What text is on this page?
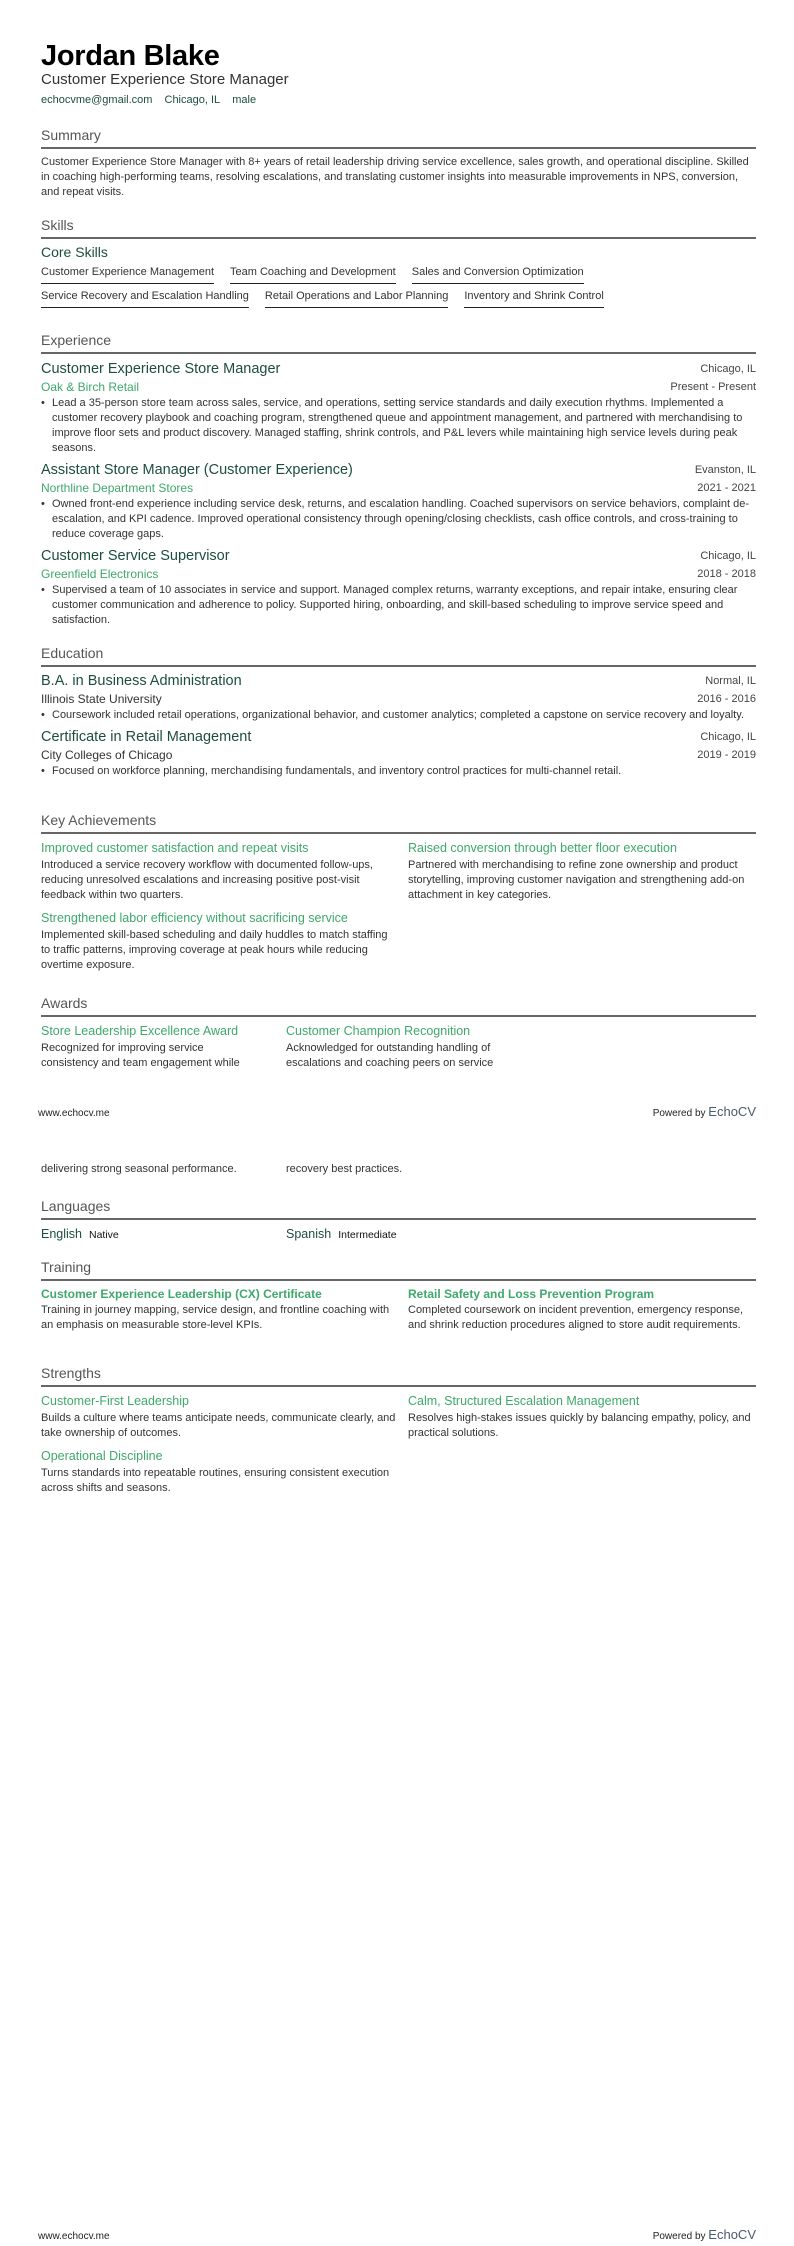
Jordan Blake
Customer Experience Store Manager
echocvme@gmail.com Chicago, IL male
Summary
Customer Experience Store Manager with 8+ years of retail leadership driving service excellence, sales growth, and operational discipline. Skilled in coaching high-performing teams, resolving escalations, and translating customer insights into measurable improvements in NPS, conversion, and repeat visits.
Skills
Core Skills
Customer Experience Management Team Coaching and Development Sales and Conversion Optimization
Service Recovery and Escalation Handling Retail Operations and Labor Planning Inventory and Shrink Control
Experience
Customer Experience Store Manager	Chicago, IL
Oak & Birch Retail	Present - Present
• Lead a 35-person store team across sales, service, and operations, setting service standards and daily execution rhythms. Implemented a customer recovery playbook and coaching program, strengthened queue and appointment management, and partnered with merchandising to improve floor sets and product discovery. Managed staffing, shrink controls, and P&L levers while maintaining high service levels during peak seasons.
Assistant Store Manager (Customer Experience)	Evanston, IL
Northline Department Stores	2021 - 2021
• Owned front-end experience including service desk, returns, and escalation handling. Coached supervisors on service behaviors, complaint de-escalation, and KPI cadence. Improved operational consistency through opening/closing checklists, cash office controls, and cross-training to reduce coverage gaps.
Customer Service Supervisor	Chicago, IL
Greenfield Electronics	2018 - 2018
• Supervised a team of 10 associates in service and support. Managed complex returns, warranty exceptions, and repair intake, ensuring clear customer communication and adherence to policy. Supported hiring, onboarding, and skill-based scheduling to improve service speed and satisfaction.
Education
B.A. in Business Administration	Normal, IL
Illinois State University	2016 - 2016
• Coursework included retail operations, organizational behavior, and customer analytics; completed a capstone on service recovery and loyalty.
Certificate in Retail Management	Chicago, IL
City Colleges of Chicago	2019 - 2019
• Focused on workforce planning, merchandising fundamentals, and inventory control practices for multi-channel retail.
Key Achievements
Improved customer satisfaction and repeat visits
Introduced a service recovery workflow with documented follow-ups, reducing unresolved escalations and increasing positive post-visit feedback within two quarters.
Raised conversion through better floor execution
Partnered with merchandising to refine zone ownership and product storytelling, improving customer navigation and strengthening add-on attachment in key categories.
Strengthened labor efficiency without sacrificing service
Implemented skill-based scheduling and daily huddles to match staffing to traffic patterns, improving coverage at peak hours while reducing overtime exposure.
Awards
Store Leadership Excellence Award
Recognized for improving service consistency and team engagement while
Customer Champion Recognition
Acknowledged for outstanding handling of escalations and coaching peers on service
www.echocv.me	Powered by EchoCV
delivering strong seasonal performance.	recovery best practices.
Languages
English Native	Spanish Intermediate
Training
Customer Experience Leadership (CX) Certificate
Training in journey mapping, service design, and frontline coaching with an emphasis on measurable store-level KPIs.
Retail Safety and Loss Prevention Program
Completed coursework on incident prevention, emergency response, and shrink reduction procedures aligned to store audit requirements.
Strengths
Customer-First Leadership
Builds a culture where teams anticipate needs, communicate clearly, and take ownership of outcomes.
Calm, Structured Escalation Management
Resolves high-stakes issues quickly by balancing empathy, policy, and practical solutions.
Operational Discipline
Turns standards into repeatable routines, ensuring consistent execution across shifts and seasons.
www.echocv.me	Powered by EchoCV
